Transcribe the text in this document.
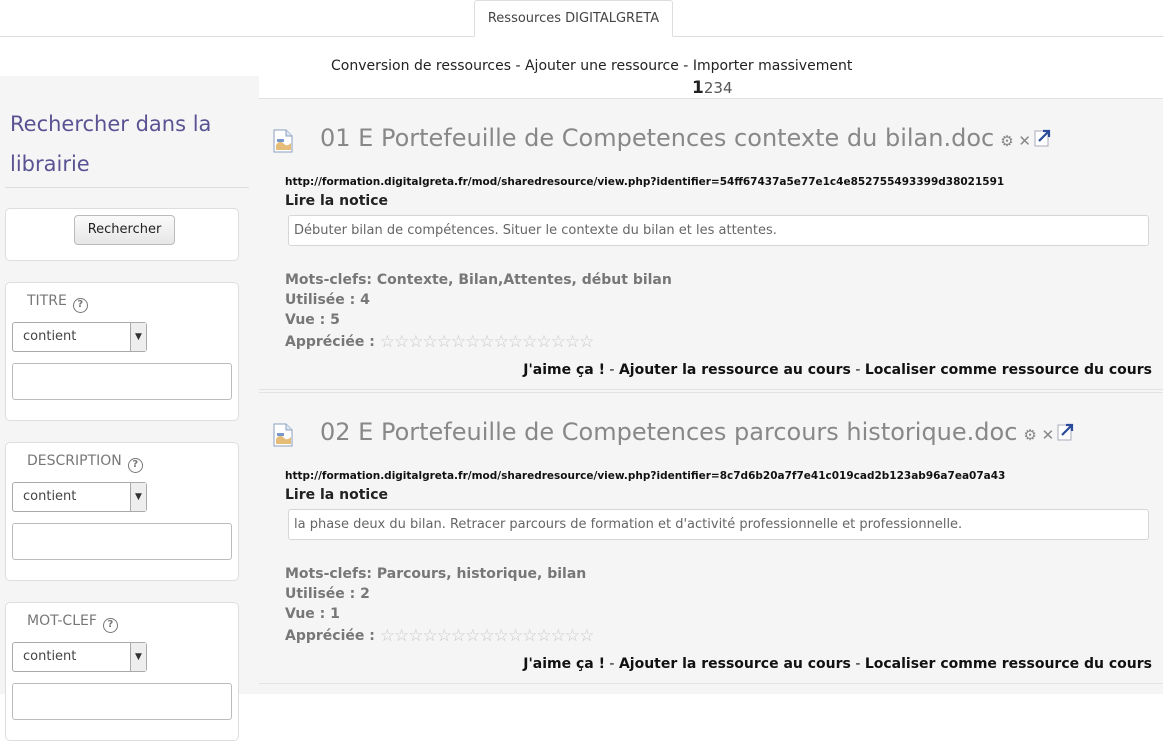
Ressources DIGITALGRETA
Conversion de ressources - Ajouter une ressource - Importer massivement
1234
Rechercher dans la librairie
Rechercher
TITRE ?
contient	▼
DESCRIPTION ?
contient	▼
MOT-CLEF ?
contient	▼
01 E Portefeuille de Competences contexte du bilan.doc ⚙ ✕
http://formation.digitalgreta.fr/mod/sharedresource/view.php?identifier=54ff67437a5e77e1c4e852755493399d38021591
Lire la notice
Débuter bilan de compétences. Situer le contexte du bilan et les attentes.
Mots-clefs: Contexte, Bilan,Attentes, début bilan
Utilisée : 4
Vue : 5
Appréciée : ☆☆☆☆☆☆☆☆☆☆☆☆☆☆☆
J'aime ça ! - Ajouter la ressource au cours - Localiser comme ressource du cours
02 E Portefeuille de Competences parcours historique.doc ⚙ ✕
http://formation.digitalgreta.fr/mod/sharedresource/view.php?identifier=8c7d6b20a7f7e41c019cad2b123ab96a7ea07a43
Lire la notice
la phase deux du bilan. Retracer parcours de formation et d'activité professionnelle et professionnelle.
Mots-clefs: Parcours, historique, bilan
Utilisée : 2
Vue : 1
Appréciée : ☆☆☆☆☆☆☆☆☆☆☆☆☆☆☆
J'aime ça ! - Ajouter la ressource au cours - Localiser comme ressource du cours
